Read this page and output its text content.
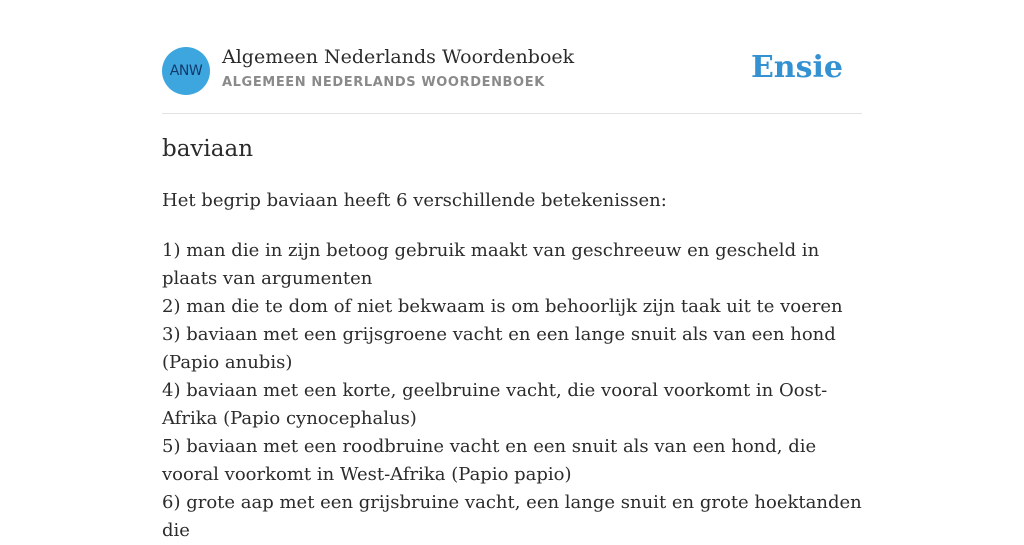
ANW
Algemeen Nederlands Woordenboek
ALGEMEEN NEDERLANDS WOORDENBOEK	Ensie
baviaan
Het begrip baviaan heeft 6 verschillende betekenissen:
1) man die in zijn betoog gebruik maakt van geschreeuw en gescheld in plaats van argumenten
2) man die te dom of niet bekwaam is om behoorlijk zijn taak uit te voeren
3) baviaan met een grijsgroene vacht en een lange snuit als van een hond (Papio anubis)
4) baviaan met een korte, geelbruine vacht, die vooral voorkomt in Oost-Afrika (Papio cynocephalus)
5) baviaan met een roodbruine vacht en een snuit als van een hond, die vooral voorkomt in West-Afrika (Papio papio)
6) grote aap met een grijsbruine vacht, een lange snuit en grote hoektanden die
